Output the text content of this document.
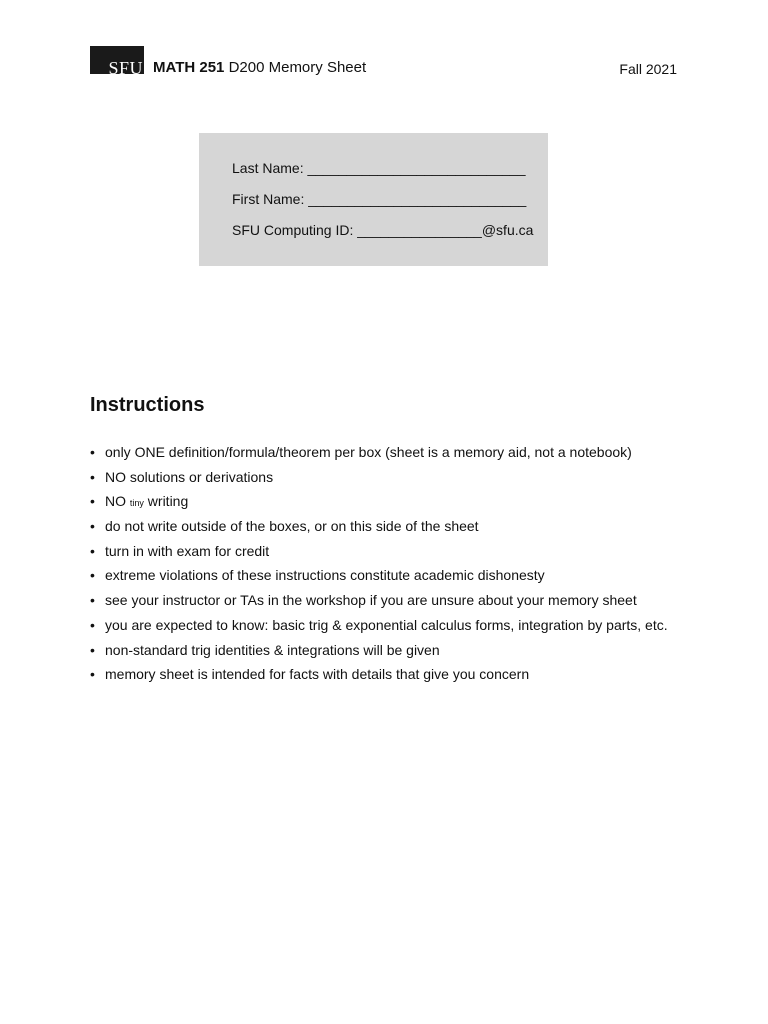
SFU MATH 251 D200 Memory Sheet	Fall 2021
Last Name: ____________________________
First Name: ____________________________
SFU Computing ID: ________________@sfu.ca
Instructions
• only ONE definition/formula/theorem per box (sheet is a memory aid, not a notebook)
• NO solutions or derivations
• NO tiny writing
• do not write outside of the boxes, or on this side of the sheet
• turn in with exam for credit
• extreme violations of these instructions constitute academic dishonesty
• see your instructor or TAs in the workshop if you are unsure about your memory sheet
• you are expected to know: basic trig & exponential calculus forms, integration by parts, etc.
• non-standard trig identities & integrations will be given
• memory sheet is intended for facts with details that give you concern
